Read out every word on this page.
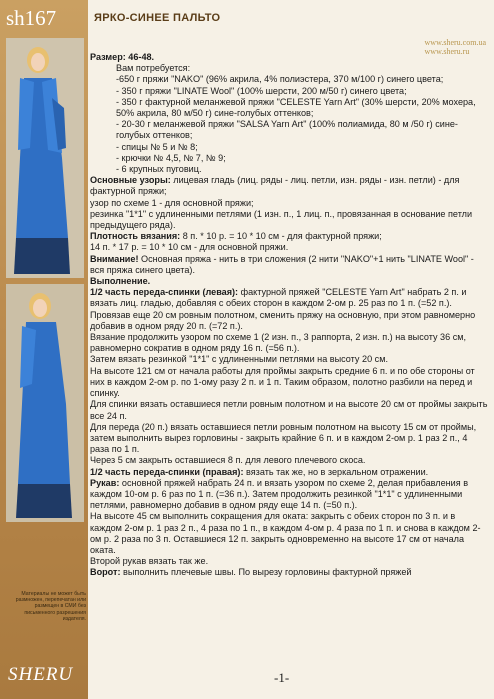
sh167	ЯРКО-СИНЕЕ ПАЛЬТО
www.sheru.com.ua
www.sheru.ru
Материалы не может быть размножен, перепечатан или размещен в СМИ без письменного разрешения издателя.
SHERU

Размер: 46-48.

Вам потребуется:

-650 г пряжи "NAKO" (96% акрила, 4% полиэстера, 370 м/100 г) синего цвета;

- 350 г пряжи "LINATE Wool" (100% шерсти, 200 м/50 г) синего цвета;

- 350 г фактурной меланжевой пряжи "CELESTE Yarn Art" (30% шерсти, 20% мохера, 50% акрила, 80 м/50 г) сине-голубых оттенков;

- 20-30 г меланжевой пряжи "SALSA Yarn Art" (100% полиамида, 80 м /50 г) сине-голубых оттенков;

- спицы № 5 и № 8;

- крючки № 4,5, № 7, № 9;

- 6 крупных пуговиц.

Основные узоры: лицевая гладь (лиц. ряды - лиц. петли, изн. ряды - изн. петли) - для фактурной пряжи;

узор по схеме 1 - для основной пряжи;

резинка "1*1" с удлиненными петлями (1 изн. п., 1 лиц. п., провязанная в основание петли предыдущего ряда).

Плотность вязания: 8 п. * 10 р. = 10 * 10 см - для фактурной пряжи;

14 п. * 17 р. = 10 * 10 см - для основной пряжи.

Внимание! Основная пряжа - нить в три сложения (2 нити "NAKO"+1 нить "LINATE Wool" - вся пряжа синего цвета).

Выполнение.

1/2 часть переда-спинки (левая): фактурной пряжей "CELESTE Yarn Art" набрать 2 п. и вязать лиц. гладью, добавляя с обеих сторон в каждом 2-ом р. 25 раз по 1 п. (=52 п.).

Провязав еще 20 см ровным полотном, сменить пряжу на основную, при этом равномерно добавив в одном ряду 20 п. (=72 п.).

Вязание продолжить узором по схеме 1 (2 изн. п., 3 раппорта, 2 изн. п.) на высоту 36 см, равномерно сократив в одном ряду 16 п. (=56 п.).

Затем вязать резинкой "1*1" с удлиненными петлями на высоту 20 см.

На высоте 121 см от начала работы для проймы закрыть средние 6 п. и по обе стороны от них в каждом 2-ом р. по 1-ому разу 2 п. и 1 п. Таким образом, полотно разбили на перед и спинку.

Для спинки вязать оставшиеся петли ровным полотном и на высоте 20 см от проймы закрыть все 24 п.

Для переда (20 п.) вязать оставшиеся петли ровным полотном на высоту 15 см от проймы, затем выполнить вырез горловины - закрыть крайние 6 п. и в каждом 2-ом р. 1 раз 2 п., 4 раза по 1 п.

Через 5 см закрыть оставшиеся 8 п. для левого плечевого скоса.

1/2 часть переда-спинки (правая): вязать так же, но в зеркальном отражении.

Рукав: основной пряжей набрать 24 п. и вязать узором по схеме 2, делая прибавления в каждом 10-ом р. 6 раз по 1 п. (=36 п.). Затем продолжить резинкой "1*1" с удлиненными петлями, равномерно добавив в одном ряду еще 14 п. (=50 п.).

На высоте 45 см выполнить сокращения для оката: закрыть с обеих сторон по 3 п. и в каждом 2-ом р. 1 раз 2 п., 4 раза по 1 п., в каждом 4-ом р. 4 раза по 1 п. и снова в каждом 2-ом р. 2 раза по 3 п. Оставшиеся 12 п. закрыть одновременно на высоте 17 см от начала оката.

Второй рукав вязать так же.

Ворот: выполнить плечевые швы. По вырезу горловины фактурной пряжей

-1-
